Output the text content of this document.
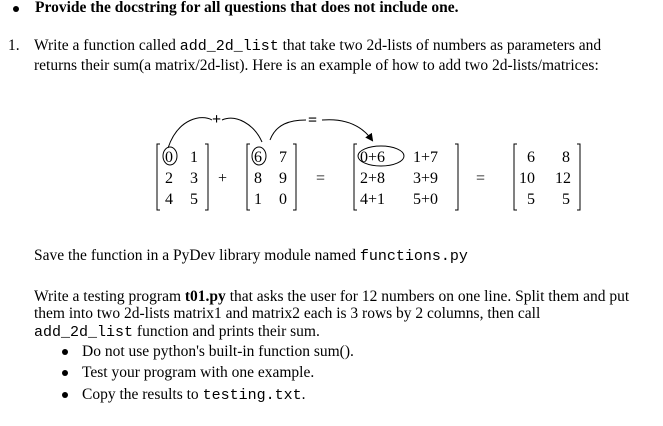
Provide the docstring for all questions that does not include one.
1. Write a function called add_2d_list that take two 2d-lists of numbers as parameters and
returns their sum(a matrix/2d-list). Here is an example of how to add two 2d-lists/matrices:
+	=
0 1
2 3
4 5
+
6 7
8 9
1 0
=
0+6 1+7
2+8 3+9
4+1 5+0
=
6 8
10 12
5 5
Save the function in a PyDev library module named functions.py
Write a testing program t01.py that asks the user for 12 numbers on one line. Split them and put
them into two 2d-lists matrix1 and matrix2 each is 3 rows by 2 columns, then call
add_2d_list function and prints their sum.
Do not use python's built-in function sum().
Test your program with one example.
Copy the results to testing.txt.
